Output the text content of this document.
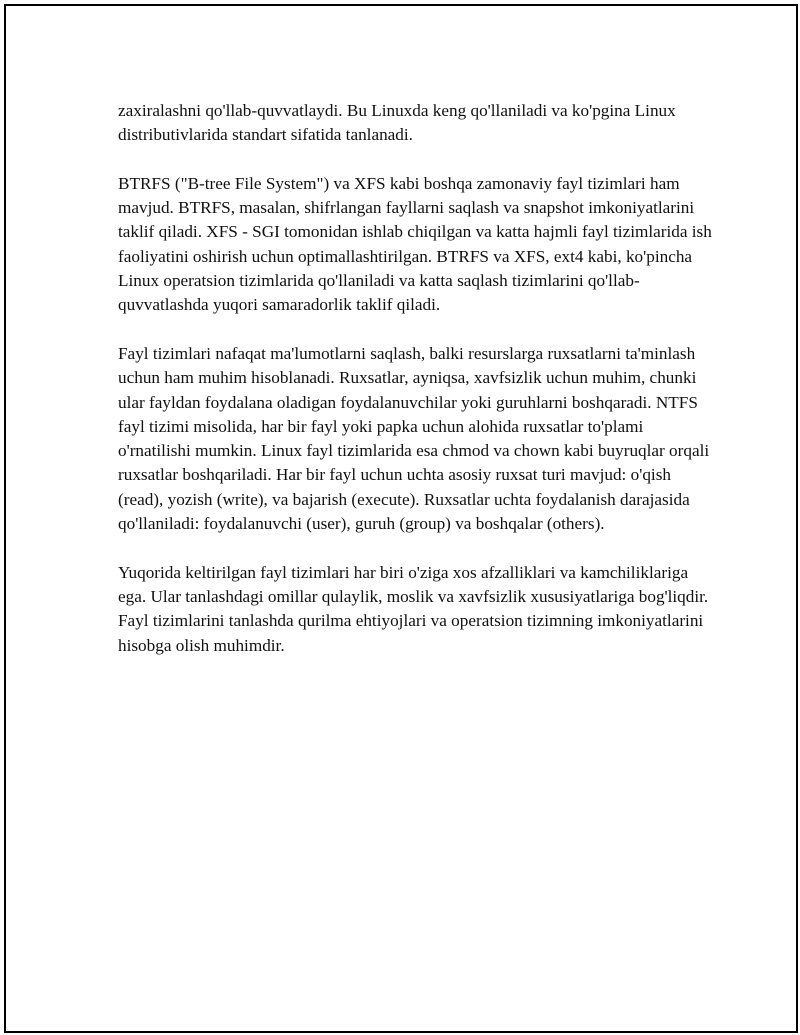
zaxiralashni qo'llab-quvvatlaydi. Bu Linuxda keng qo'llaniladi va ko'pgina Linux distributivlarida standart sifatida tanlanadi.

BTRFS ("B-tree File System") va XFS kabi boshqa zamonaviy fayl tizimlari ham mavjud. BTRFS, masalan, shifrlangan fayllarni saqlash va snapshot imkoniyatlarini taklif qiladi. XFS - SGI tomonidan ishlab chiqilgan va katta hajmli fayl tizimlarida ish faoliyatini oshirish uchun optimallashtirilgan. BTRFS va XFS, ext4 kabi, ko'pincha Linux operatsion tizimlarida qo'llaniladi va katta saqlash tizimlarini qo'llab-quvvatlashda yuqori samaradorlik taklif qiladi.

Fayl tizimlari nafaqat ma'lumotlarni saqlash, balki resurslarga ruxsatlarni ta'minlash uchun ham muhim hisoblanadi. Ruxsatlar, ayniqsa, xavfsizlik uchun muhim, chunki ular fayldan foydalana oladigan foydalanuvchilar yoki guruhlarni boshqaradi. NTFS fayl tizimi misolida, har bir fayl yoki papka uchun alohida ruxsatlar to'plami o'rnatilishi mumkin. Linux fayl tizimlarida esa chmod va chown kabi buyruqlar orqali ruxsatlar boshqariladi. Har bir fayl uchun uchta asosiy ruxsat turi mavjud: o'qish (read), yozish (write), va bajarish (execute). Ruxsatlar uchta foydalanish darajasida qo'llaniladi: foydalanuvchi (user), guruh (group) va boshqalar (others).

Yuqorida keltirilgan fayl tizimlari har biri o'ziga xos afzalliklari va kamchiliklariga ega. Ular tanlashdagi omillar qulaylik, moslik va xavfsizlik xususiyatlariga bog'liqdir. Fayl tizimlarini tanlashda qurilma ehtiyojlari va operatsion tizimning imkoniyatlarini hisobga olish muhimdir.
